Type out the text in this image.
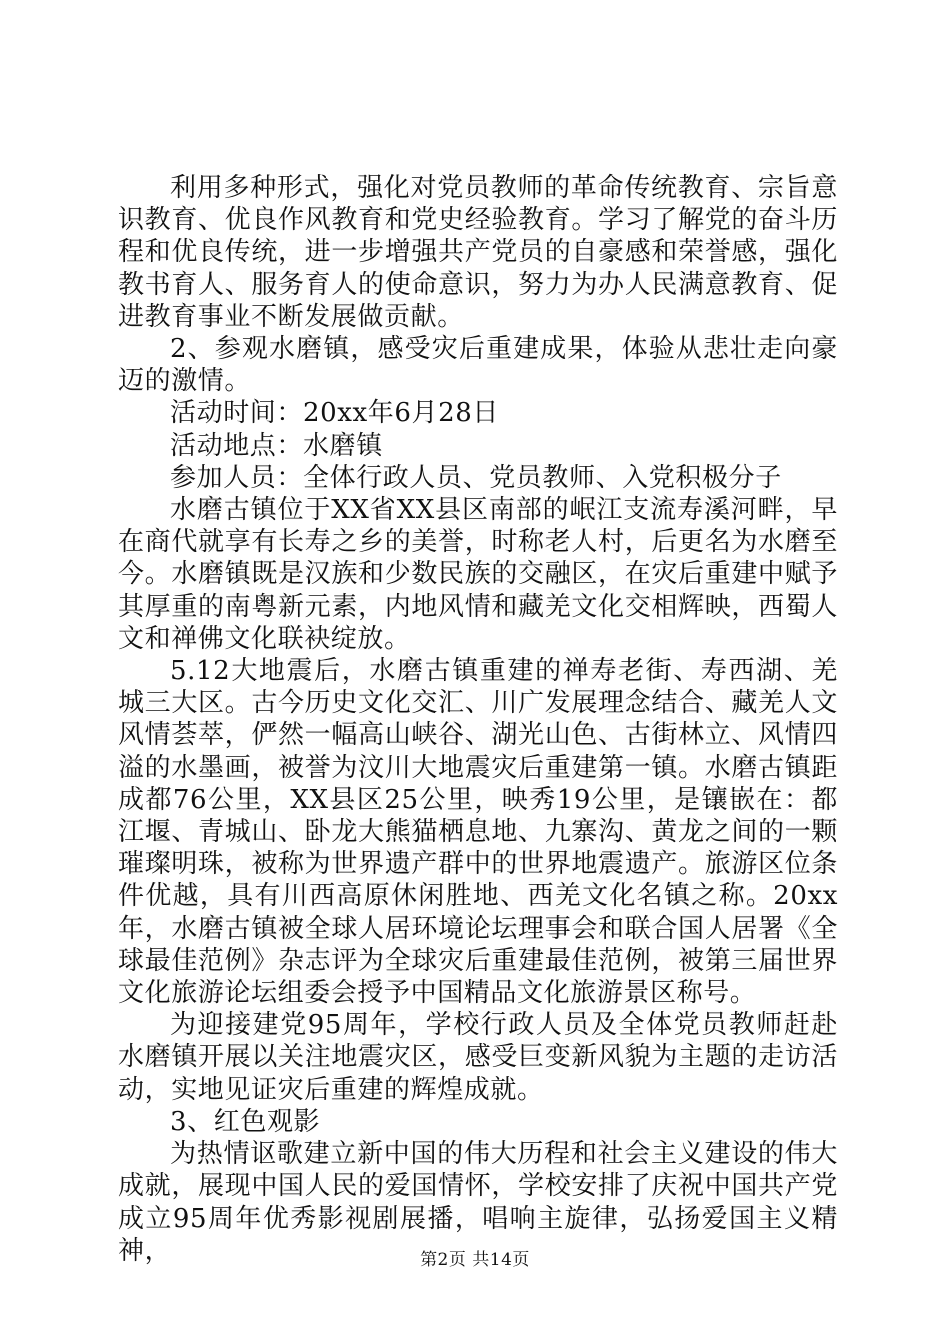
利用多种形式，强化对党员教师的革命传统教育、宗旨意识教育、优良作风教育和党史经验教育。学习了解党的奋斗历程和优良传统，进一步增强共产党员的自豪感和荣誉感，强化教书育人、服务育人的使命意识，努力为办人民满意教育、促进教育事业不断发展做贡献。

2、参观水磨镇，感受灾后重建成果，体验从悲壮走向豪迈的激情。

活动时间：20xx年6月28日

活动地点：水磨镇

参加人员：全体行政人员、党员教师、入党积极分子

水磨古镇位于XX省XX县区南部的岷江支流寿溪河畔，早在商代就享有长寿之乡的美誉，时称老人村，后更名为水磨至今。水磨镇既是汉族和少数民族的交融区，在灾后重建中赋予其厚重的南粤新元素，内地风情和藏羌文化交相辉映，西蜀人文和禅佛文化联袂绽放。

5.12大地震后，水磨古镇重建的禅寿老街、寿西湖、羌城三大区。古今历史文化交汇、川广发展理念结合、藏羌人文风情荟萃，俨然一幅高山峡谷、湖光山色、古街林立、风情四溢的水墨画，被誉为汶川大地震灾后重建第一镇。水磨古镇距成都76公里，XX县区25公里，映秀19公里，是镶嵌在：都江堰、青城山、卧龙大熊猫栖息地、九寨沟、黄龙之间的一颗璀璨明珠，被称为世界遗产群中的世界地震遗产。旅游区位条件优越，具有川西高原休闲胜地、西羌文化名镇之称。20xx年，水磨古镇被全球人居环境论坛理事会和联合国人居署《全球最佳范例》杂志评为全球灾后重建最佳范例，被第三届世界文化旅游论坛组委会授予中国精品文化旅游景区称号。

为迎接建党95周年，学校行政人员及全体党员教师赶赴水磨镇开展以关注地震灾区，感受巨变新风貌为主题的走访活动，实地见证灾后重建的辉煌成就。

3、红色观影

为热情讴歌建立新中国的伟大历程和社会主义建设的伟大成就，展现中国人民的爱国情怀，学校安排了庆祝中国共产党成立95周年优秀影视剧展播，唱响主旋律，弘扬爱国主义精神，	第2页 共14页
